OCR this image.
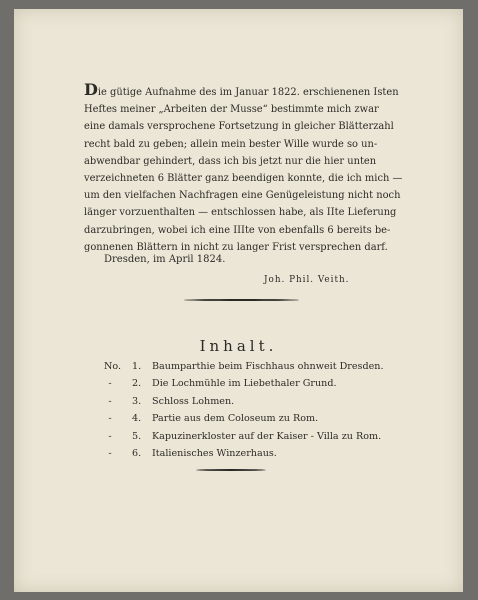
Die gütige Aufnahme des im Januar 1822. erschienenen Isten
Heftes meiner „Arbeiten der Musse“ bestimmte mich zwar
eine damals versprochene Fortsetzung in gleicher Blätterzahl
recht bald zu geben; allein mein bester Wille wurde so un-
abwendbar gehindert, dass ich bis jetzt nur die hier unten
verzeichneten 6 Blätter ganz beendigen konnte, die ich mich —
um den vielfachen Nachfragen eine Genügeleistung nicht noch
länger vorzuenthalten — entschlossen habe, als IIte Lieferung
darzubringen, wobei ich eine IIIte von ebenfalls 6 bereits be-
gonnenen Blättern in nicht zu langer Frist versprechen darf.
Dresden, im April 1824.
Joh. Phil. Veith.
Inhalt.
No.	1.	Baumparthie beim Fischhaus ohnweit Dresden.
-	2.	Die Lochmühle im Liebethaler Grund.
-	3.	Schloss Lohmen.
-	4.	Partie aus dem Coloseum zu Rom.
-	5.	Kapuzinerkloster auf der Kaiser - Villa zu Rom.
-	6.	Italienisches Winzerhaus.
